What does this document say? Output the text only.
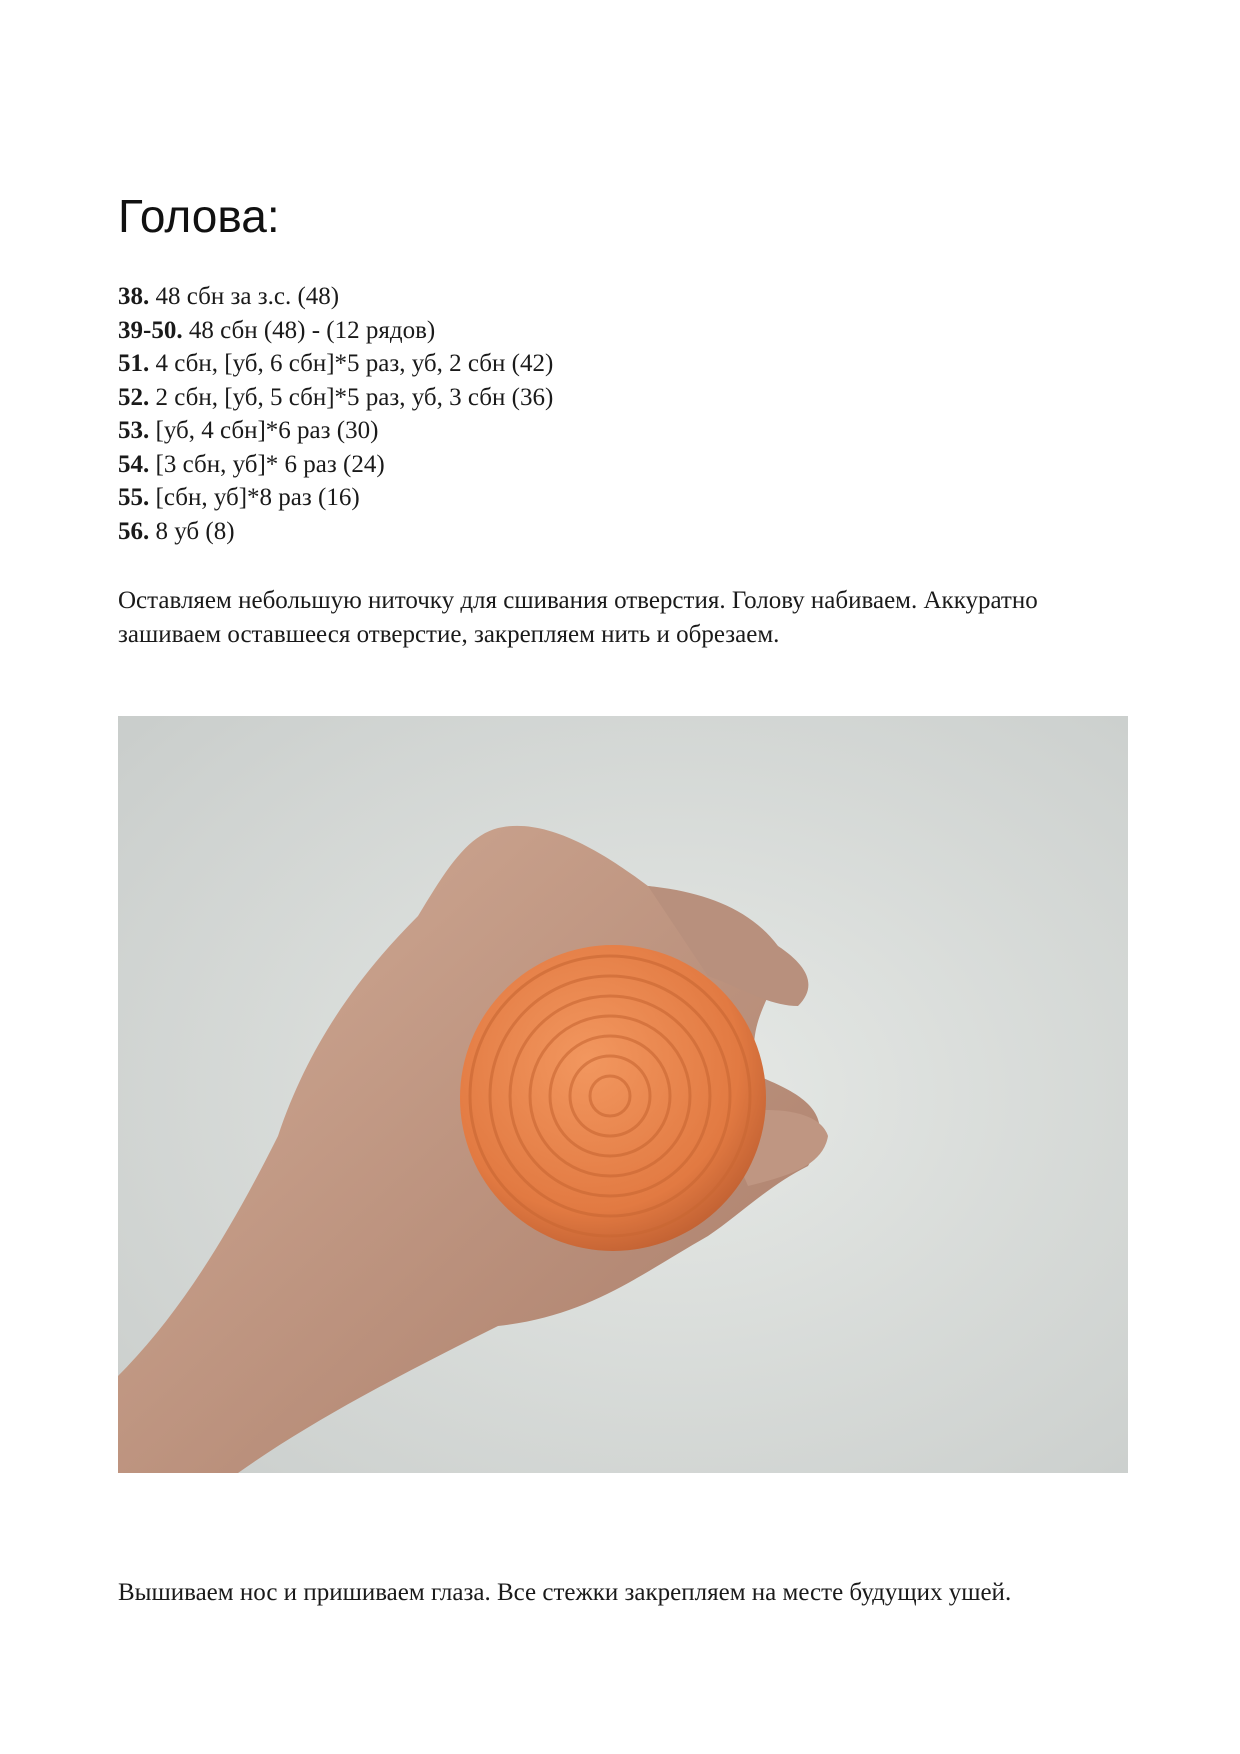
Голова:
38. 48 сбн за з.с. (48)
39-50. 48 сбн (48) - (12 рядов)
51. 4 сбн, [уб, 6 сбн]*5 раз, уб, 2 сбн (42)
52. 2 сбн, [уб, 5 сбн]*5 раз, уб, 3 сбн (36)
53. [уб, 4 сбн]*6 раз (30)
54. [3 сбн, уб]* 6 раз (24)
55. [сбн, уб]*8 раз (16)
56. 8 уб (8)

Оставляем небольшую ниточку для сшивания отверстия. Голову набиваем. Аккуратно зашиваем оставшееся отверстие, закрепляем нить и обрезаем.

Вышиваем нос и пришиваем глаза. Все стежки закрепляем на месте будущих ушей.
